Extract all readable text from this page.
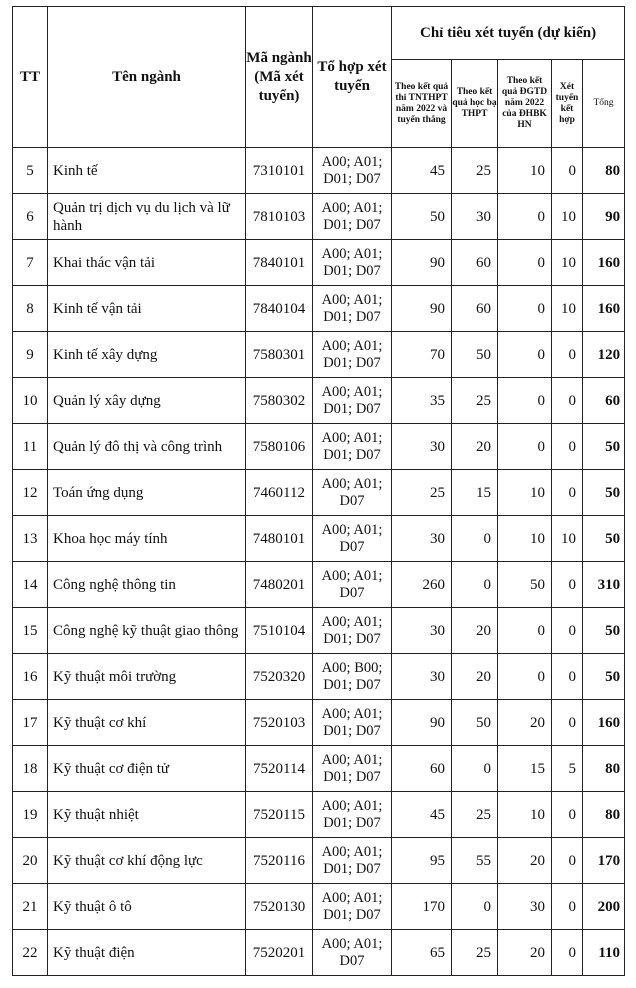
TT	Tên ngành	Mã ngành (Mã xét tuyển)	Tổ hợp xét tuyển	Chỉ tiêu xét tuyển (dự kiến)				
				Theo kết quả thi TNTHPT năm 2022 và tuyển thẳng	Theo kết quả học bạ THPT	Theo kết quả ĐGTD năm 2022 của ĐHBK HN	Xét tuyển kết hợp	Tổng
5	Kinh tế	7310101	A00; A01; D01; D07	45	25	10	0	80
6	Quản trị dịch vụ du lịch và lữ hành	7810103	A00; A01; D01; D07	50	30	0	10	90
7	Khai thác vận tải	7840101	A00; A01; D01; D07	90	60	0	10	160
8	Kinh tế vận tải	7840104	A00; A01; D01; D07	90	60	0	10	160
9	Kinh tế xây dựng	7580301	A00; A01; D01; D07	70	50	0	0	120
10	Quản lý xây dựng	7580302	A00; A01; D01; D07	35	25	0	0	60
11	Quản lý đô thị và công trình	7580106	A00; A01; D01; D07	30	20	0	0	50
12	Toán ứng dụng	7460112	A00; A01; D07	25	15	10	0	50
13	Khoa học máy tính	7480101	A00; A01; D07	30	0	10	10	50
14	Công nghệ thông tin	7480201	A00; A01; D07	260	0	50	0	310
15	Công nghệ kỹ thuật giao thông	7510104	A00; A01; D01; D07	30	20	0	0	50
16	Kỹ thuật môi trường	7520320	A00; B00; D01; D07	30	20	0	0	50
17	Kỹ thuật cơ khí	7520103	A00; A01; D01; D07	90	50	20	0	160
18	Kỹ thuật cơ điện tử	7520114	A00; A01; D01; D07	60	0	15	5	80
19	Kỹ thuật nhiệt	7520115	A00; A01; D01; D07	45	25	10	0	80
20	Kỹ thuật cơ khí động lực	7520116	A00; A01; D01; D07	95	55	20	0	170
21	Kỹ thuật ô tô	7520130	A00; A01; D01; D07	170	0	30	0	200
22	Kỹ thuật điện	7520201	A00; A01; D07	65	25	20	0	110
